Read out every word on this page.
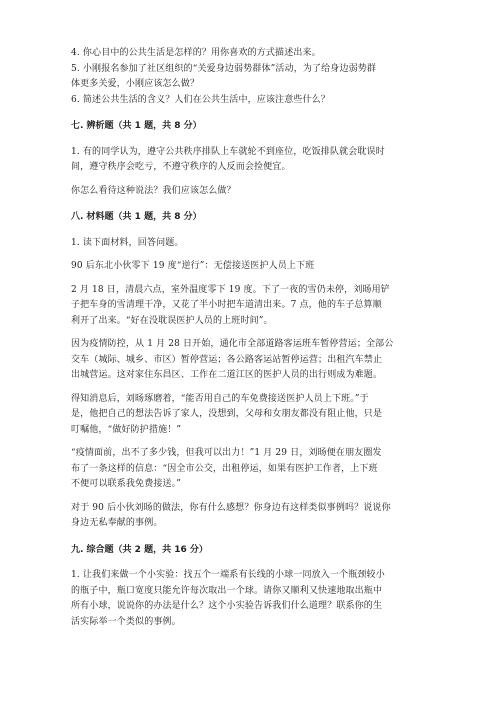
4. 你心目中的公共生活是怎样的？用你喜欢的方式描述出来。
5. 小刚报名参加了社区组织的“关爱身边弱势群体”活动，为了给身边弱势群
体更多关爱，小刚应该怎么做？
6. 简述公共生活的含义？人们在公共生活中，应该注意些什么？
七. 辨析题（共 1 题，共 8 分）
1. 有的同学认为，遵守公共秩序排队上车就轮不到座位，吃饭排队就会耽误时
间，遵守秩序会吃亏，不遵守秩序的人反而会捡便宜。
你怎么看待这种说法？我们应该怎么做？
八. 材料题（共 1 题，共 8 分）
1. 读下面材料，回答问题。
90 后东北小伙零下 19 度“逆行”：无偿接送医护人员上下班
2 月 18 日，清晨六点，室外温度零下 19 度。下了一夜的雪仍未停，刘旸用铲
子把车身的雪清理干净，又花了半小时把车道清出来。7 点，他的车子总算顺
利开了出来。“好在没耽误医护人员的上班时间”。
因为疫情防控，从 1 月 28 日开始，通化市全部道路客运班车暂停营运；全部公
交车（城际、城乡、市区）暂停营运；各公路客运站暂停运营；出租汽车禁止
出城营运。这对家住东昌区、工作在二道江区的医护人员的出行则成为难题。
得知消息后，刘旸琢磨着，“能否用自己的车免费接送医护人员上下班。”于
是，他把自己的想法告诉了家人，没想到，父母和女朋友都没有阻止他，只是
叮嘱他，“做好防护措施！”
“疫情面前，出不了多少钱，但我可以出力！”1 月 29 日，刘旸便在朋友圈发
布了一条这样的信息：“因全市公交，出租停运，如果有医护工作者，上下班
不便可以联系我免费接送。”
对于 90 后小伙刘旸的做法，你有什么感想？你身边有这样类似事例吗？说说你
身边无私奉献的事例。
九. 综合题（共 2 题，共 16 分）
1. 让我们来做一个小实验：找五个一端系有长线的小球一同放入一个瓶颈较小
的瓶子中，瓶口宽度只能允许每次取出一个球。请你又顺利又快速地取出瓶中
所有小球，说说你的办法是什么？这个小实验告诉我们什么道理？联系你的生
活实际举一个类似的事例。
